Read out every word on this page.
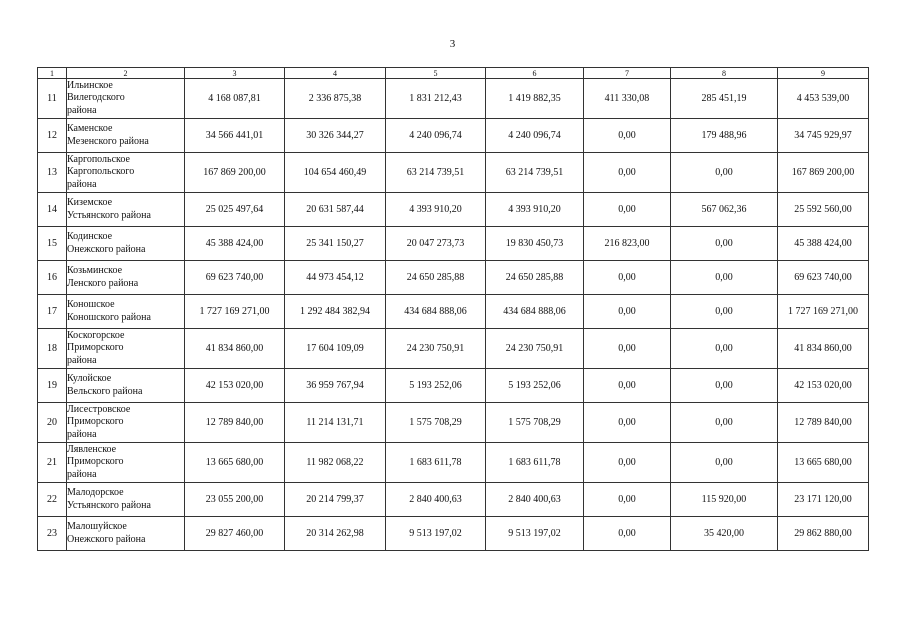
3
1	2	3	4	5	6	7	8	9
11	Ильинское
Вилегодского
района	4 168 087,81	2 336 875,38	1 831 212,43	1 419 882,35	411 330,08	285 451,19	4 453 539,00
12	Каменское
Мезенского района	34 566 441,01	30 326 344,27	4 240 096,74	4 240 096,74	0,00	179 488,96	34 745 929,97
13	Каргопольское
Каргопольского
района	167 869 200,00	104 654 460,49	63 214 739,51	63 214 739,51	0,00	0,00	167 869 200,00
14	Киземское
Устьянского района	25 025 497,64	20 631 587,44	4 393 910,20	4 393 910,20	0,00	567 062,36	25 592 560,00
15	Кодинское
Онежского района	45 388 424,00	25 341 150,27	20 047 273,73	19 830 450,73	216 823,00	0,00	45 388 424,00
16	Козьминское
Ленского района	69 623 740,00	44 973 454,12	24 650 285,88	24 650 285,88	0,00	0,00	69 623 740,00
17	Коношское
Коношского района	1 727 169 271,00	1 292 484 382,94	434 684 888,06	434 684 888,06	0,00	0,00	1 727 169 271,00
18	Коскогорское
Приморского
района	41 834 860,00	17 604 109,09	24 230 750,91	24 230 750,91	0,00	0,00	41 834 860,00
19	Кулойское
Вельского района	42 153 020,00	36 959 767,94	5 193 252,06	5 193 252,06	0,00	0,00	42 153 020,00
20	Лисестровское
Приморского
района	12 789 840,00	11 214 131,71	1 575 708,29	1 575 708,29	0,00	0,00	12 789 840,00
21	Лявленское
Приморского
района	13 665 680,00	11 982 068,22	1 683 611,78	1 683 611,78	0,00	0,00	13 665 680,00
22	Малодорское
Устьянского района	23 055 200,00	20 214 799,37	2 840 400,63	2 840 400,63	0,00	115 920,00	23 171 120,00
23	Малошуйское
Онежского района	29 827 460,00	20 314 262,98	9 513 197,02	9 513 197,02	0,00	35 420,00	29 862 880,00
